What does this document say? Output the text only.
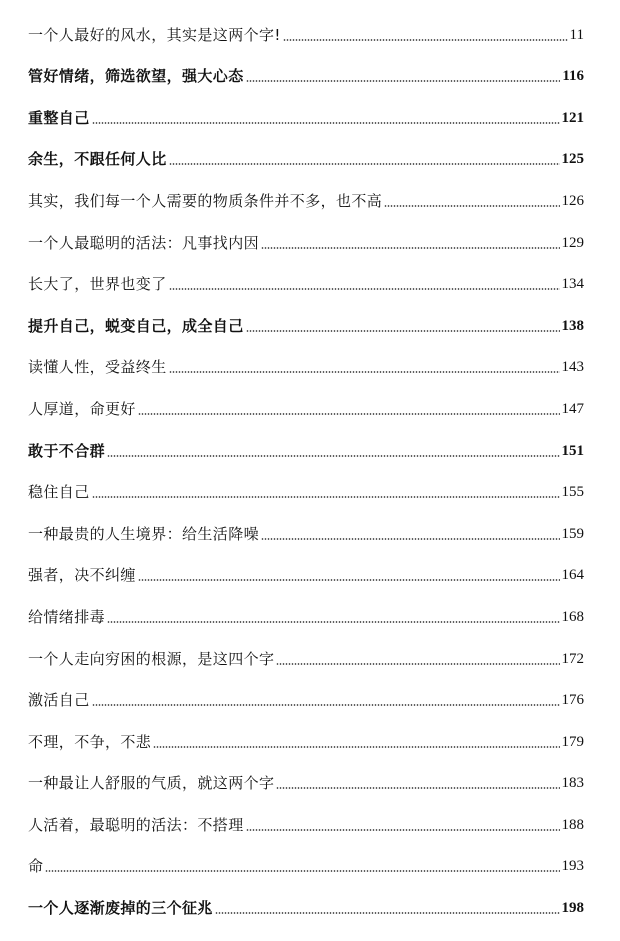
一个人最好的风水，其实是这两个字!	11
管好情绪，筛选欲望，强大心态	116
重整自己	121
余生，不跟任何人比	125
其实，我们每一个人需要的物质条件并不多，也不高	126
一个人最聪明的活法：凡事找内因	129
长大了，世界也变了	134
提升自己，蜕变自己，成全自己	138
读懂人性，受益终生	143
人厚道，命更好	147
敢于不合群	151
稳住自己	155
一种最贵的人生境界：给生活降噪	159
强者，决不纠缠	164
给情绪排毒	168
一个人走向穷困的根源，是这四个字	172
激活自己	176
不理，不争，不悲	179
一种最让人舒服的气质，就这两个字	183
人活着，最聪明的活法：不搭理	188
命	193
一个人逐渐废掉的三个征兆	198
